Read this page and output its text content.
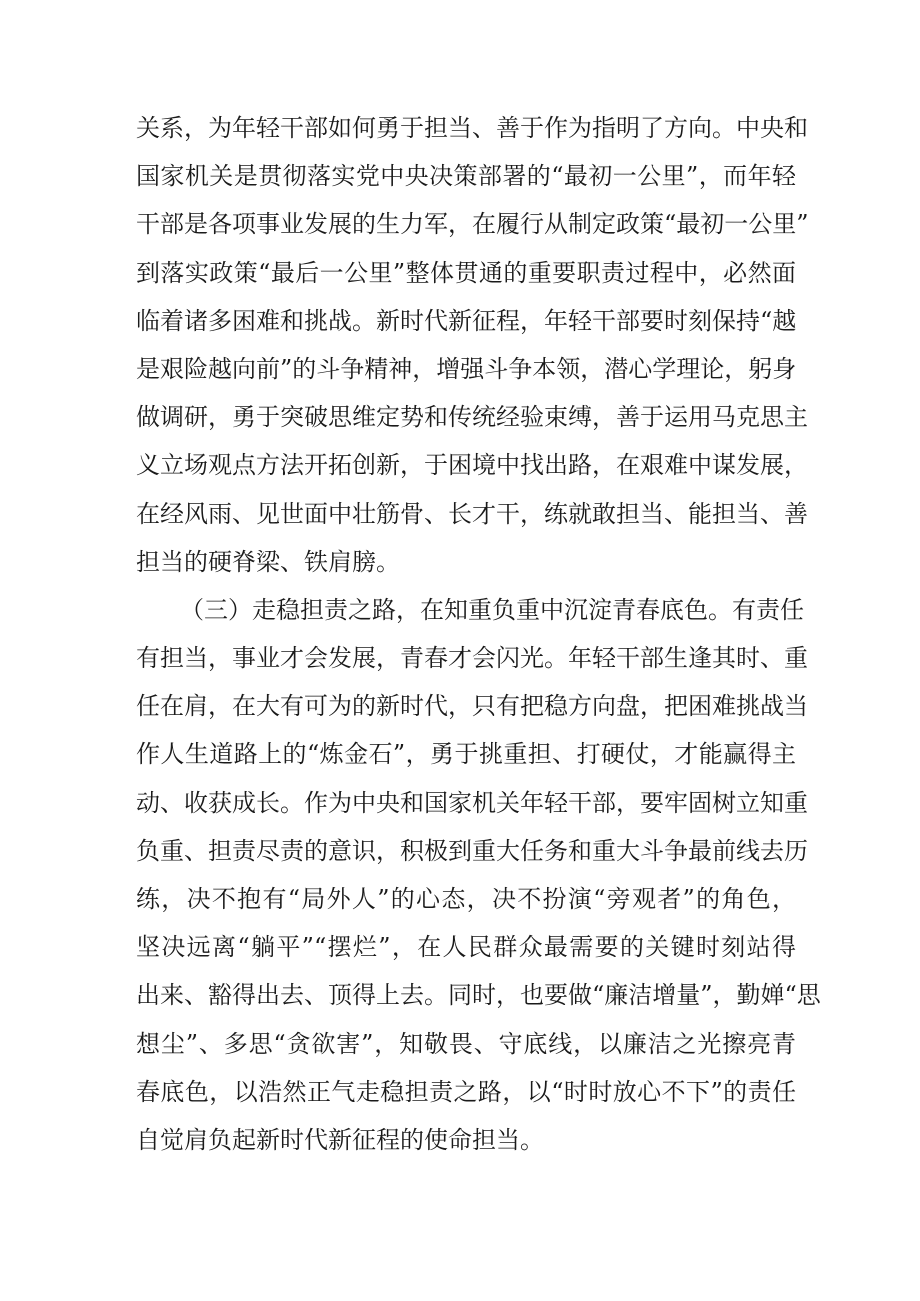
关系，为年轻干部如何勇于担当、善于作为指明了方向。中央和
国家机关是贯彻落实党中央决策部署的“最初一公里”，而年轻
干部是各项事业发展的生力军，在履行从制定政策“最初一公里”
到落实政策“最后一公里”整体贯通的重要职责过程中，必然面
临着诸多困难和挑战。新时代新征程，年轻干部要时刻保持“越
是艰险越向前”的斗争精神，增强斗争本领，潜心学理论，躬身
做调研，勇于突破思维定势和传统经验束缚，善于运用马克思主
义立场观点方法开拓创新，于困境中找出路，在艰难中谋发展，
在经风雨、见世面中壮筋骨、长才干，练就敢担当、能担当、善
担当的硬脊梁、铁肩膀。
（三）走稳担责之路，在知重负重中沉淀青春底色。有责任
有担当，事业才会发展，青春才会闪光。年轻干部生逢其时、重
任在肩，在大有可为的新时代，只有把稳方向盘，把困难挑战当
作人生道路上的“炼金石”，勇于挑重担、打硬仗，才能赢得主
动、收获成长。作为中央和国家机关年轻干部，要牢固树立知重
负重、担责尽责的意识，积极到重大任务和重大斗争最前线去历
练，决不抱有“局外人”的心态，决不扮演“旁观者”的角色，
坚决远离“躺平”“摆烂”，在人民群众最需要的关键时刻站得
出来、豁得出去、顶得上去。同时，也要做“廉洁增量”，勤婵“思
想尘”、多思“贪欲害”，知敬畏、守底线，以廉洁之光擦亮青
春底色，以浩然正气走稳担责之路，以“时时放心不下”的责任
自觉肩负起新时代新征程的使命担当。
